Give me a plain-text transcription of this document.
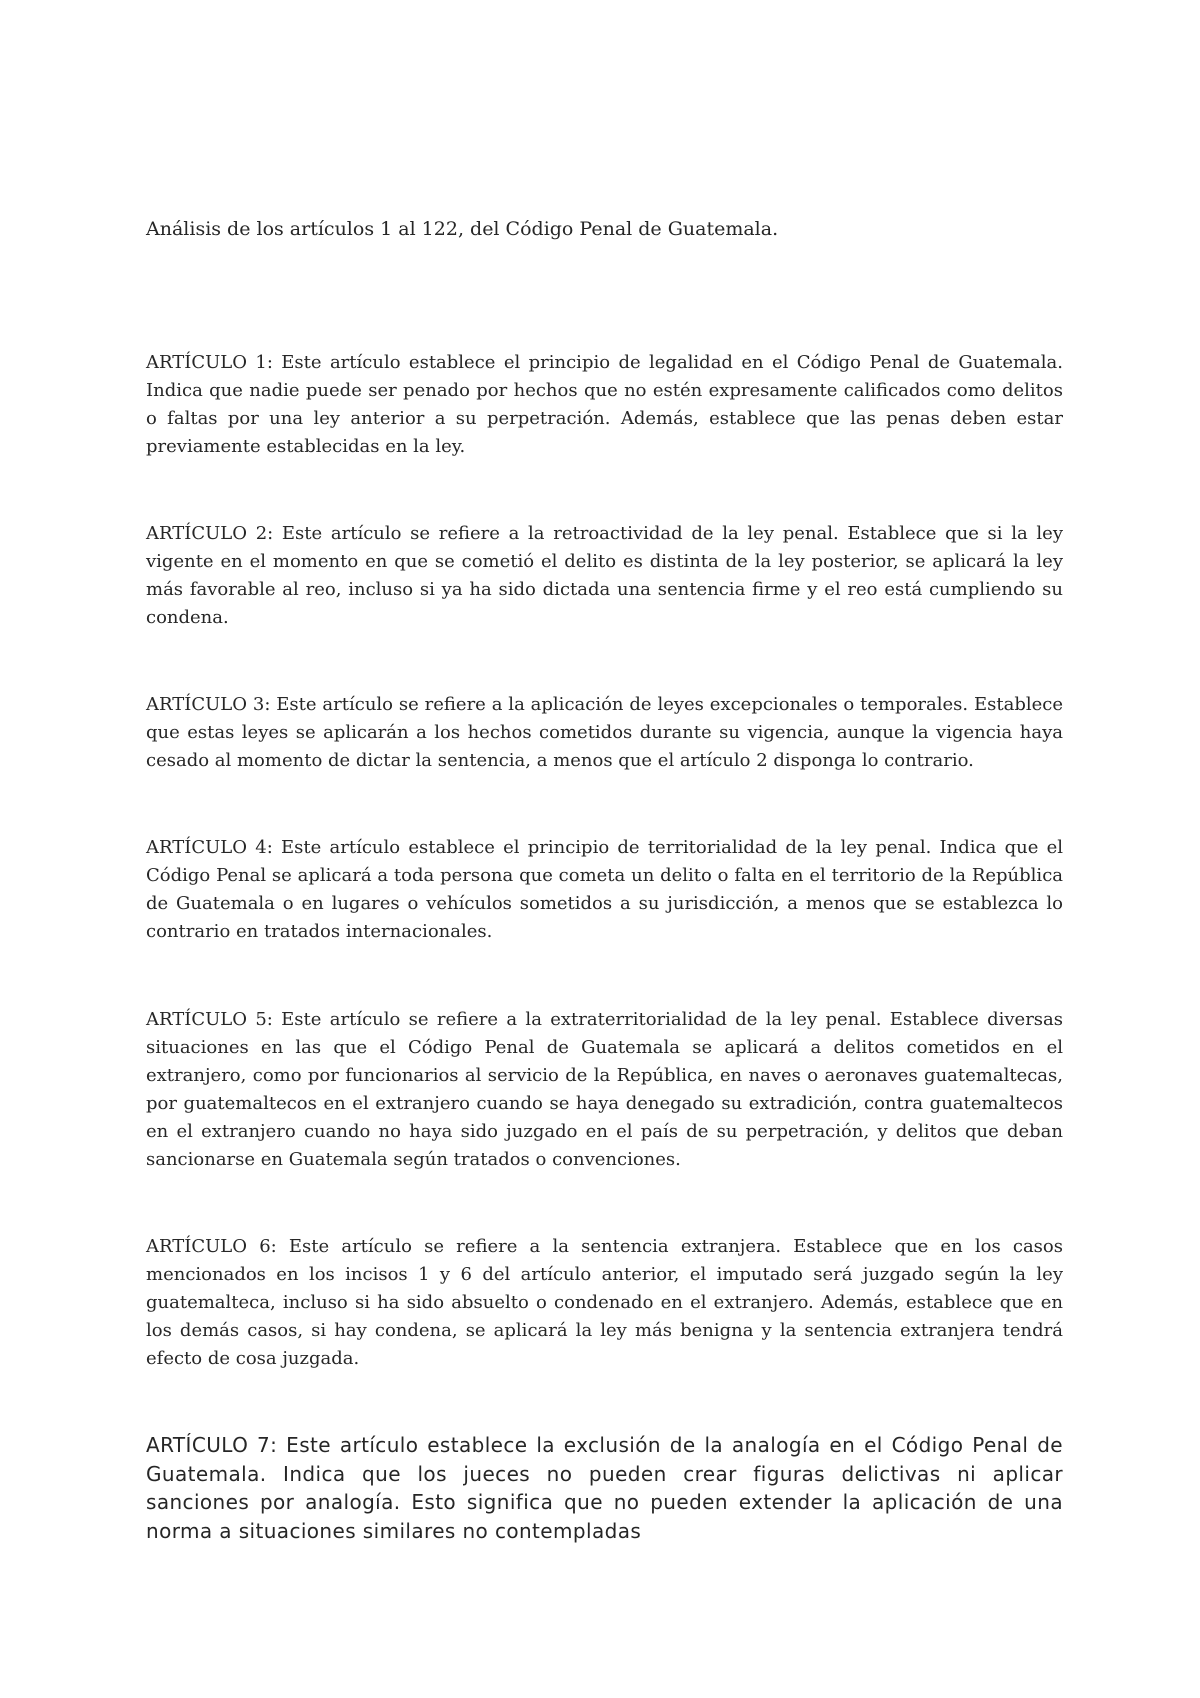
Análisis de los artículos 1 al 122, del Código Penal de Guatemala.

ARTÍCULO 1: Este artículo establece el principio de legalidad en el Código Penal de Guatemala. Indica que nadie puede ser penado por hechos que no estén expresamente calificados como delitos o faltas por una ley anterior a su perpetración. Además, establece que las penas deben estar previamente establecidas en la ley.

ARTÍCULO 2: Este artículo se refiere a la retroactividad de la ley penal. Establece que si la ley vigente en el momento en que se cometió el delito es distinta de la ley posterior, se aplicará la ley más favorable al reo, incluso si ya ha sido dictada una sentencia firme y el reo está cumpliendo su condena.

ARTÍCULO 3: Este artículo se refiere a la aplicación de leyes excepcionales o temporales. Establece que estas leyes se aplicarán a los hechos cometidos durante su vigencia, aunque la vigencia haya cesado al momento de dictar la sentencia, a menos que el artículo 2 disponga lo contrario.

ARTÍCULO 4: Este artículo establece el principio de territorialidad de la ley penal. Indica que el Código Penal se aplicará a toda persona que cometa un delito o falta en el territorio de la República de Guatemala o en lugares o vehículos sometidos a su jurisdicción, a menos que se establezca lo contrario en tratados internacionales.

ARTÍCULO 5: Este artículo se refiere a la extraterritorialidad de la ley penal. Establece diversas situaciones en las que el Código Penal de Guatemala se aplicará a delitos cometidos en el extranjero, como por funcionarios al servicio de la República, en naves o aeronaves guatemaltecas, por guatemaltecos en el extranjero cuando se haya denegado su extradición, contra guatemaltecos en el extranjero cuando no haya sido juzgado en el país de su perpetración, y delitos que deban sancionarse en Guatemala según tratados o convenciones.

ARTÍCULO 6: Este artículo se refiere a la sentencia extranjera. Establece que en los casos mencionados en los incisos 1 y 6 del artículo anterior, el imputado será juzgado según la ley guatemalteca, incluso si ha sido absuelto o condenado en el extranjero. Además, establece que en los demás casos, si hay condena, se aplicará la ley más benigna y la sentencia extranjera tendrá efecto de cosa juzgada.

ARTÍCULO 7: Este artículo establece la exclusión de la analogía en el Código Penal de Guatemala. Indica que los jueces no pueden crear figuras delictivas ni aplicar sanciones por analogía. Esto significa que no pueden extender la aplicación de una norma a situaciones similares no contempladas
